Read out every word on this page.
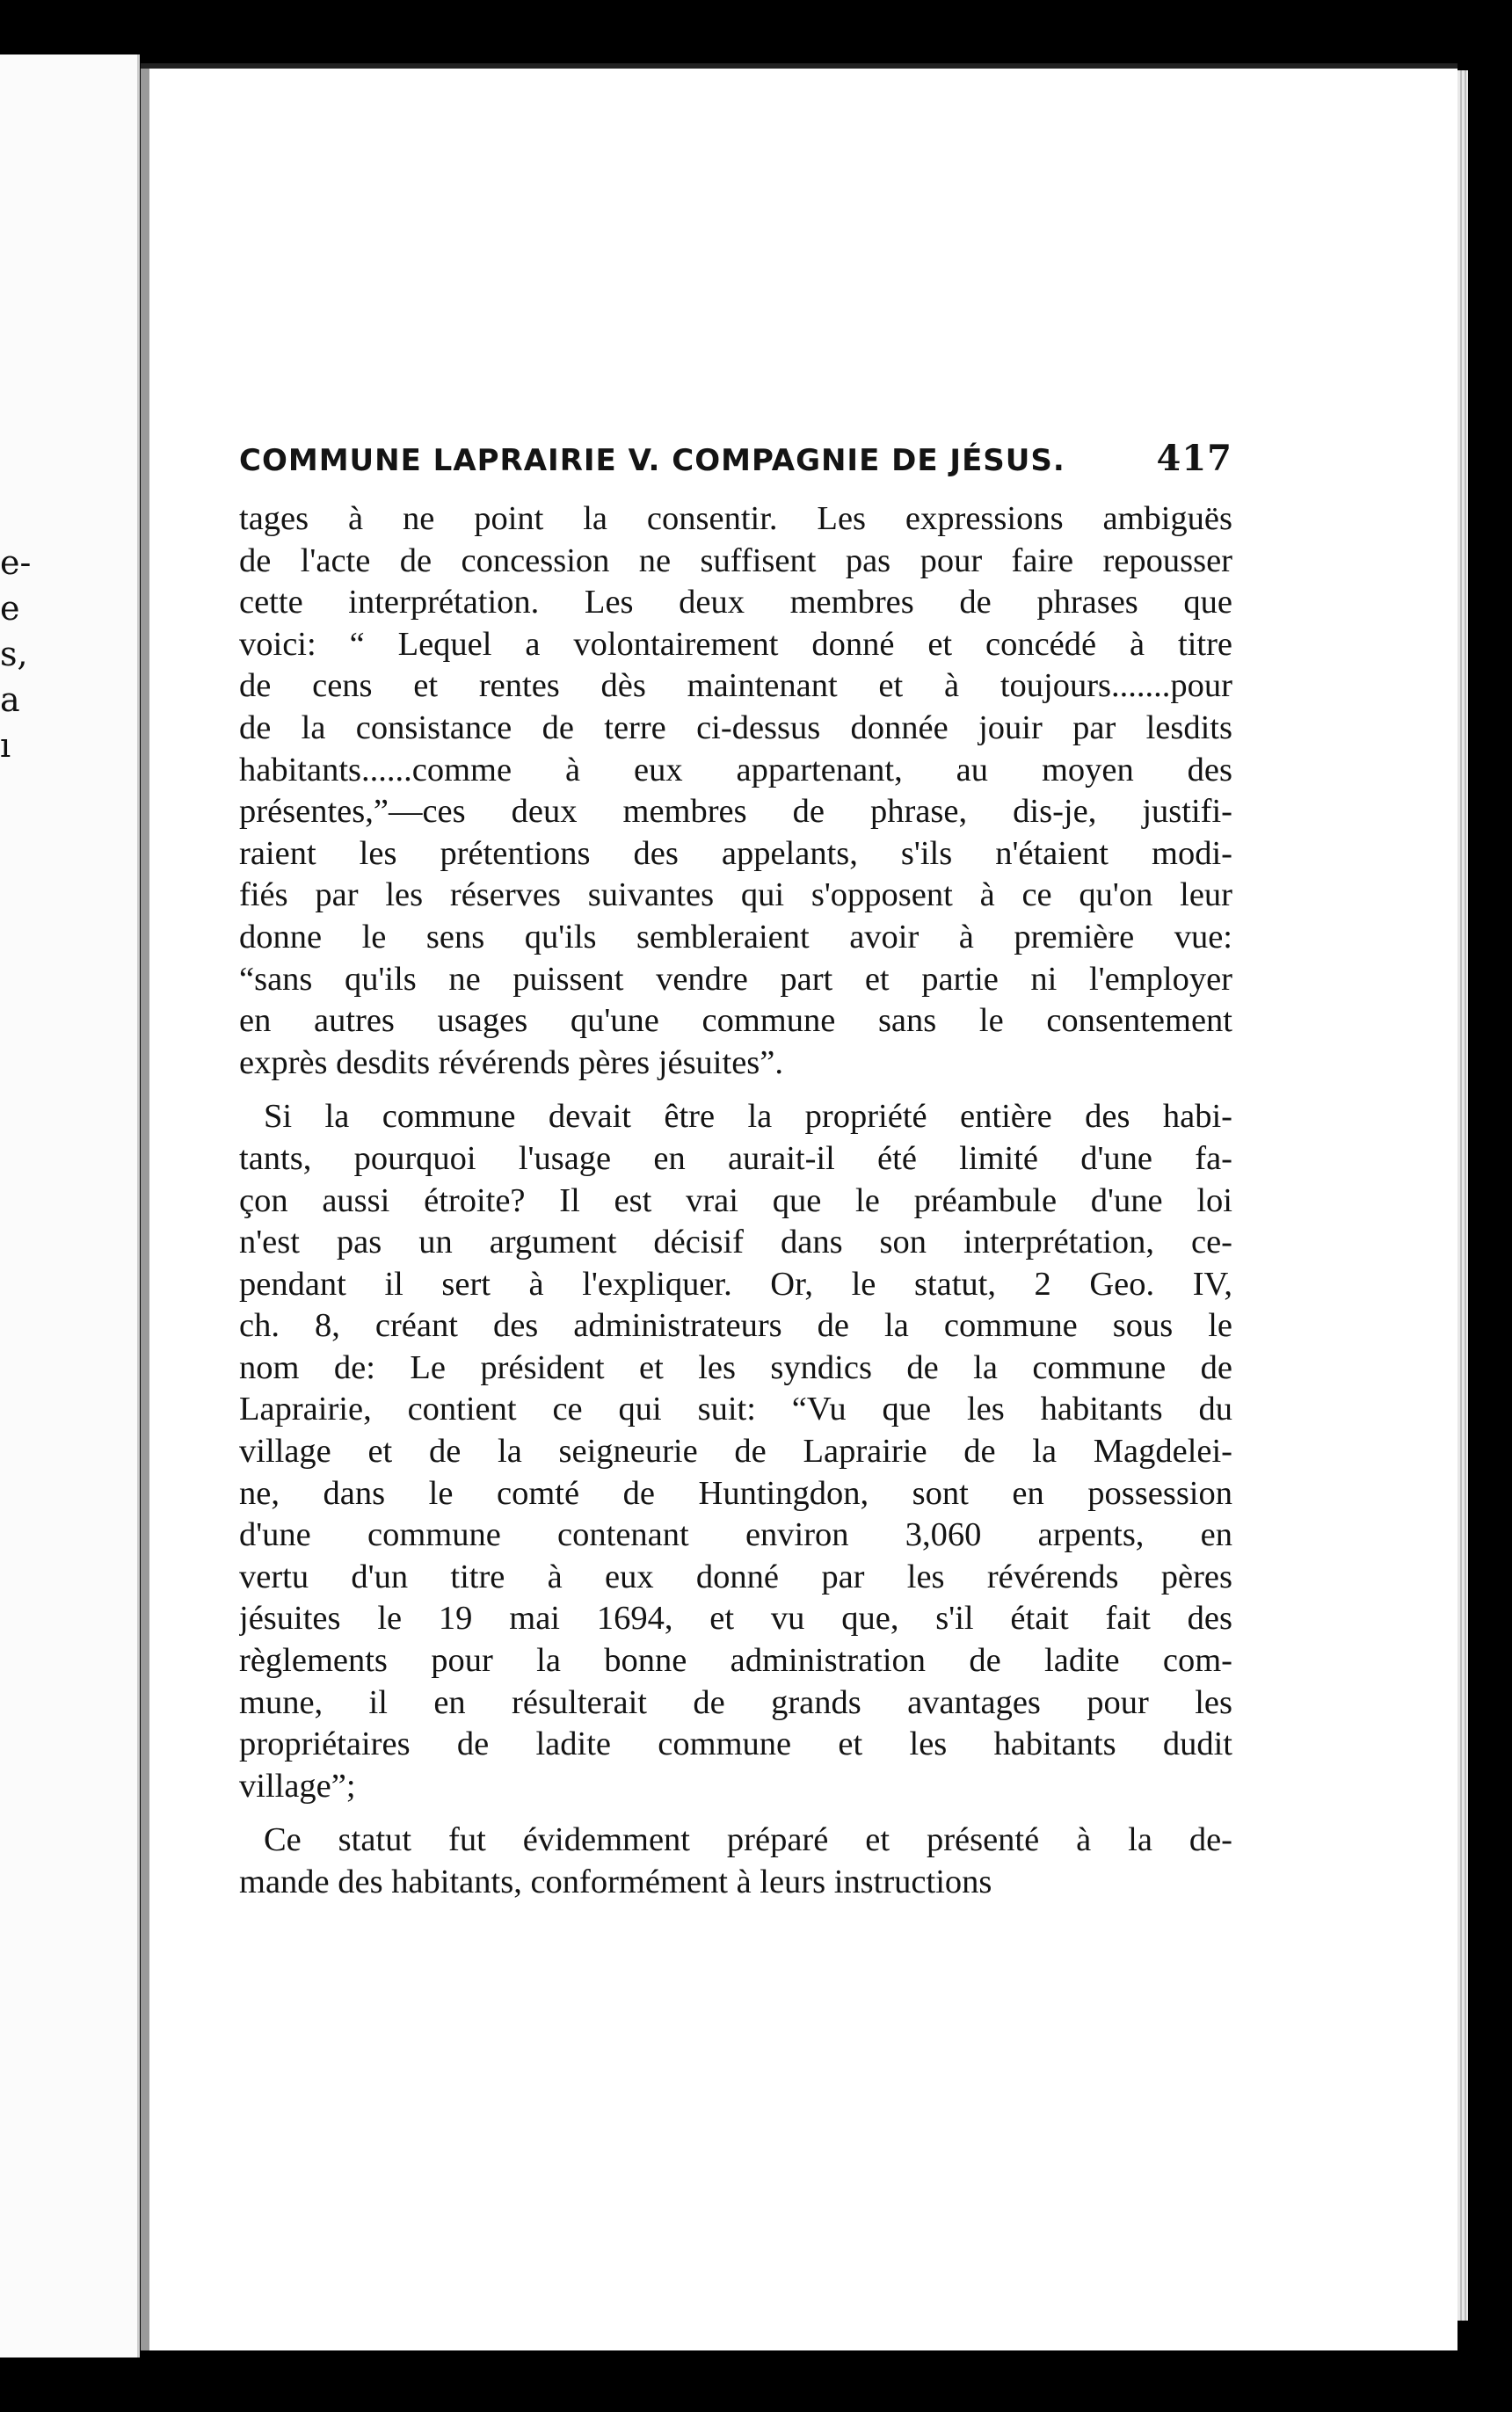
e-
e
s,
a
ı
COMMUNE LAPRAIRIE V. COMPAGNIE DE JÉSUS.	417
tages à ne point la consentir. Les expressions ambiguës
de l'acte de concession ne suffisent pas pour faire repousser
cette interprétation. Les deux membres de phrases que
voici: “ Lequel a volontairement donné et concédé à titre
de cens et rentes dès maintenant et à toujours.......pour
de la consistance de terre ci-dessus donnée jouir par lesdits
habitants......comme à eux appartenant, au moyen des
présentes,”—ces deux membres de phrase, dis-je, justifi-
raient les prétentions des appelants, s'ils n'étaient modi-
fiés par les réserves suivantes qui s'opposent à ce qu'on leur
donne le sens qu'ils sembleraient avoir à première vue:
“sans qu'ils ne puissent vendre part et partie ni l'employer
en autres usages qu'une commune sans le consentement
exprès desdits révérends pères jésuites”.
Si la commune devait être la propriété entière des habi-
tants, pourquoi l'usage en aurait-il été limité d'une fa-
çon aussi étroite? Il est vrai que le préambule d'une loi
n'est pas un argument décisif dans son interprétation, ce-
pendant il sert à l'expliquer. Or, le statut, 2 Geo. IV,
ch. 8, créant des administrateurs de la commune sous le
nom de: Le président et les syndics de la commune de
Laprairie, contient ce qui suit: “Vu que les habitants du
village et de la seigneurie de Laprairie de la Magdelei-
ne, dans le comté de Huntingdon, sont en possession
d'une commune contenant environ 3,060 arpents, en
vertu d'un titre à eux donné par les révérends pères
jésuites le 19 mai 1694, et vu que, s'il était fait des
règlements pour la bonne administration de ladite com-
mune, il en résulterait de grands avantages pour les
propriétaires de ladite commune et les habitants dudit
village”;
Ce statut fut évidemment préparé et présenté à la de-
mande des habitants, conformément à leurs instructions
